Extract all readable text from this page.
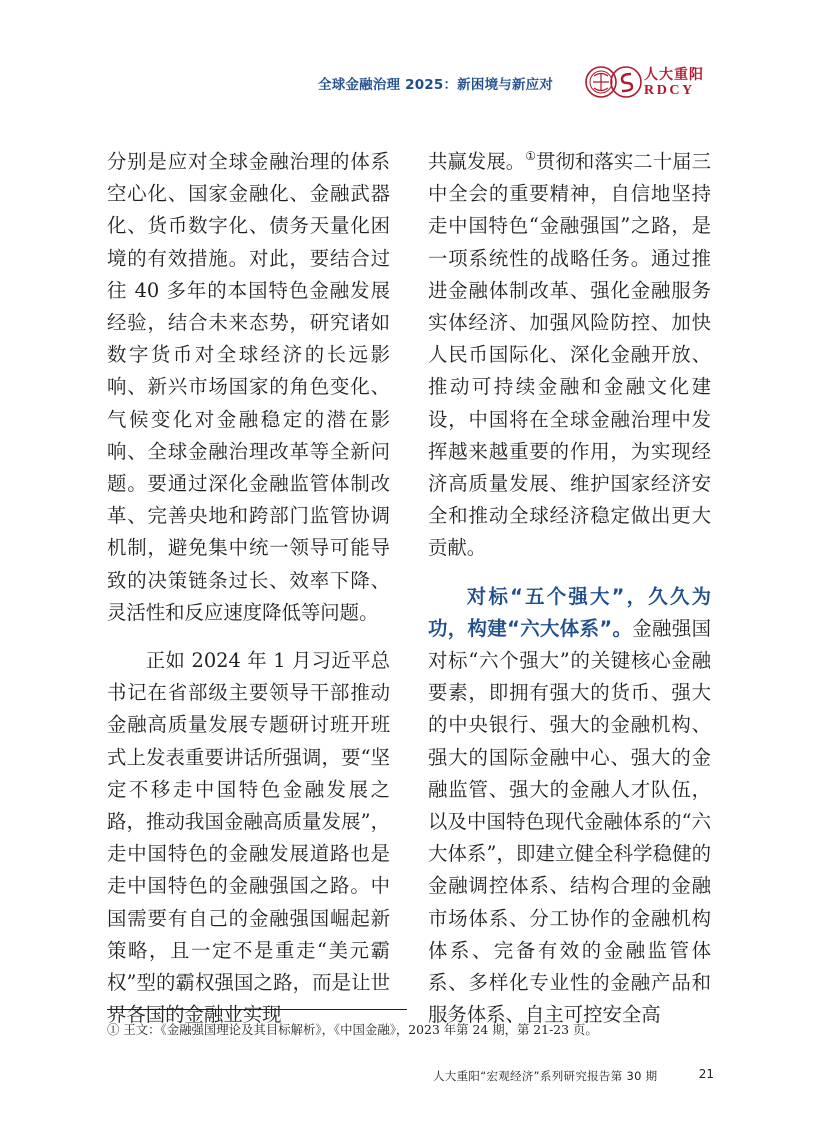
全球金融治理 2025：新困境与新应对
人大重阳
RDCY

分别是应对全球金融治理的体系空心化、国家金融化、金融武器化、货币数字化、债务天量化困境的有效措施。对此，要结合过往 40 多年的本国特色金融发展经验，结合未来态势，研究诸如数字货币对全球经济的长远影响、新兴市场国家的角色变化、气候变化对金融稳定的潜在影响、全球金融治理改革等全新问题。要通过深化金融监管体制改革、完善央地和跨部门监管协调机制，避免集中统一领导可能导致的决策链条过长、效率下降、灵活性和反应速度降低等问题。

正如 2024 年 1 月习近平总书记在省部级主要领导干部推动金融高质量发展专题研讨班开班式上发表重要讲话所强调，要“坚定不移走中国特色金融发展之路，推动我国金融高质量发展”，走中国特色的金融发展道路也是走中国特色的金融强国之路。中国需要有自己的金融强国崛起新策略，且一定不是重走“美元霸权”型的霸权强国之路，而是让世界各国的金融业实现

共赢发展。①贯彻和落实二十届三中全会的重要精神，自信地坚持走中国特色“金融强国”之路，是一项系统性的战略任务。通过推进金融体制改革、强化金融服务实体经济、加强风险防控、加快人民币国际化、深化金融开放、推动可持续金融和金融文化建设，中国将在全球金融治理中发挥越来越重要的作用，为实现经济高质量发展、维护国家经济安全和推动全球经济稳定做出更大贡献。

对标“五个强大”，久久为功，构建“六大体系”。金融强国对标“六个强大”的关键核心金融要素，即拥有强大的货币、强大的中央银行、强大的金融机构、强大的国际金融中心、强大的金融监管、强大的金融人才队伍，以及中国特色现代金融体系的“六大体系”，即建立健全科学稳健的金融调控体系、结构合理的金融市场体系、分工协作的金融机构体系、完备有效的金融监管体系、多样化专业性的金融产品和服务体系、自主可控安全高

① 王文：《金融强国理论及其目标解析》，《中国金融》，2023 年第 24 期，第 21-23 页。
人大重阳“宏观经济”系列研究报告第 30 期	21
